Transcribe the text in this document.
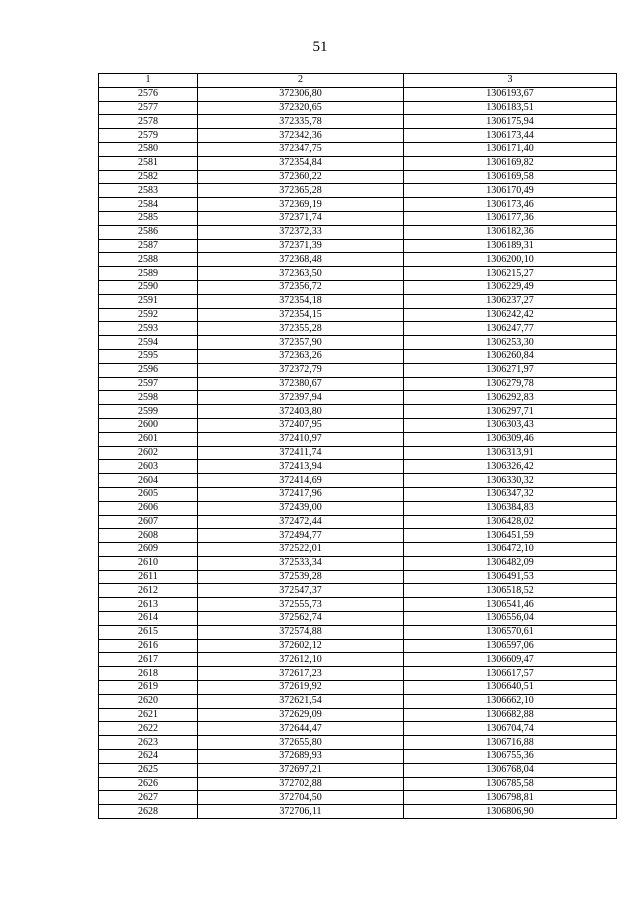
51
1	2	3
2576	372306,80	1306193,67
2577	372320,65	1306183,51
2578	372335,78	1306175,94
2579	372342,36	1306173,44
2580	372347,75	1306171,40
2581	372354,84	1306169,82
2582	372360,22	1306169,58
2583	372365,28	1306170,49
2584	372369,19	1306173,46
2585	372371,74	1306177,36
2586	372372,33	1306182,36
2587	372371,39	1306189,31
2588	372368,48	1306200,10
2589	372363,50	1306215,27
2590	372356,72	1306229,49
2591	372354,18	1306237,27
2592	372354,15	1306242,42
2593	372355,28	1306247,77
2594	372357,90	1306253,30
2595	372363,26	1306260,84
2596	372372,79	1306271,97
2597	372380,67	1306279,78
2598	372397,94	1306292,83
2599	372403,80	1306297,71
2600	372407,95	1306303,43
2601	372410,97	1306309,46
2602	372411,74	1306313,91
2603	372413,94	1306326,42
2604	372414,69	1306330,32
2605	372417,96	1306347,32
2606	372439,00	1306384,83
2607	372472,44	1306428,02
2608	372494,77	1306451,59
2609	372522,01	1306472,10
2610	372533,34	1306482,09
2611	372539,28	1306491,53
2612	372547,37	1306518,52
2613	372555,73	1306541,46
2614	372562,74	1306556,04
2615	372574,88	1306570,61
2616	372602,12	1306597,06
2617	372612,10	1306609,47
2618	372617,23	1306617,57
2619	372619,92	1306640,51
2620	372621,54	1306662,10
2621	372629,09	1306682,88
2622	372644,47	1306704,74
2623	372655,80	1306716,88
2624	372689,93	1306755,36
2625	372697,21	1306768,04
2626	372702,88	1306785,58
2627	372704,50	1306798,81
2628	372706,11	1306806,90
